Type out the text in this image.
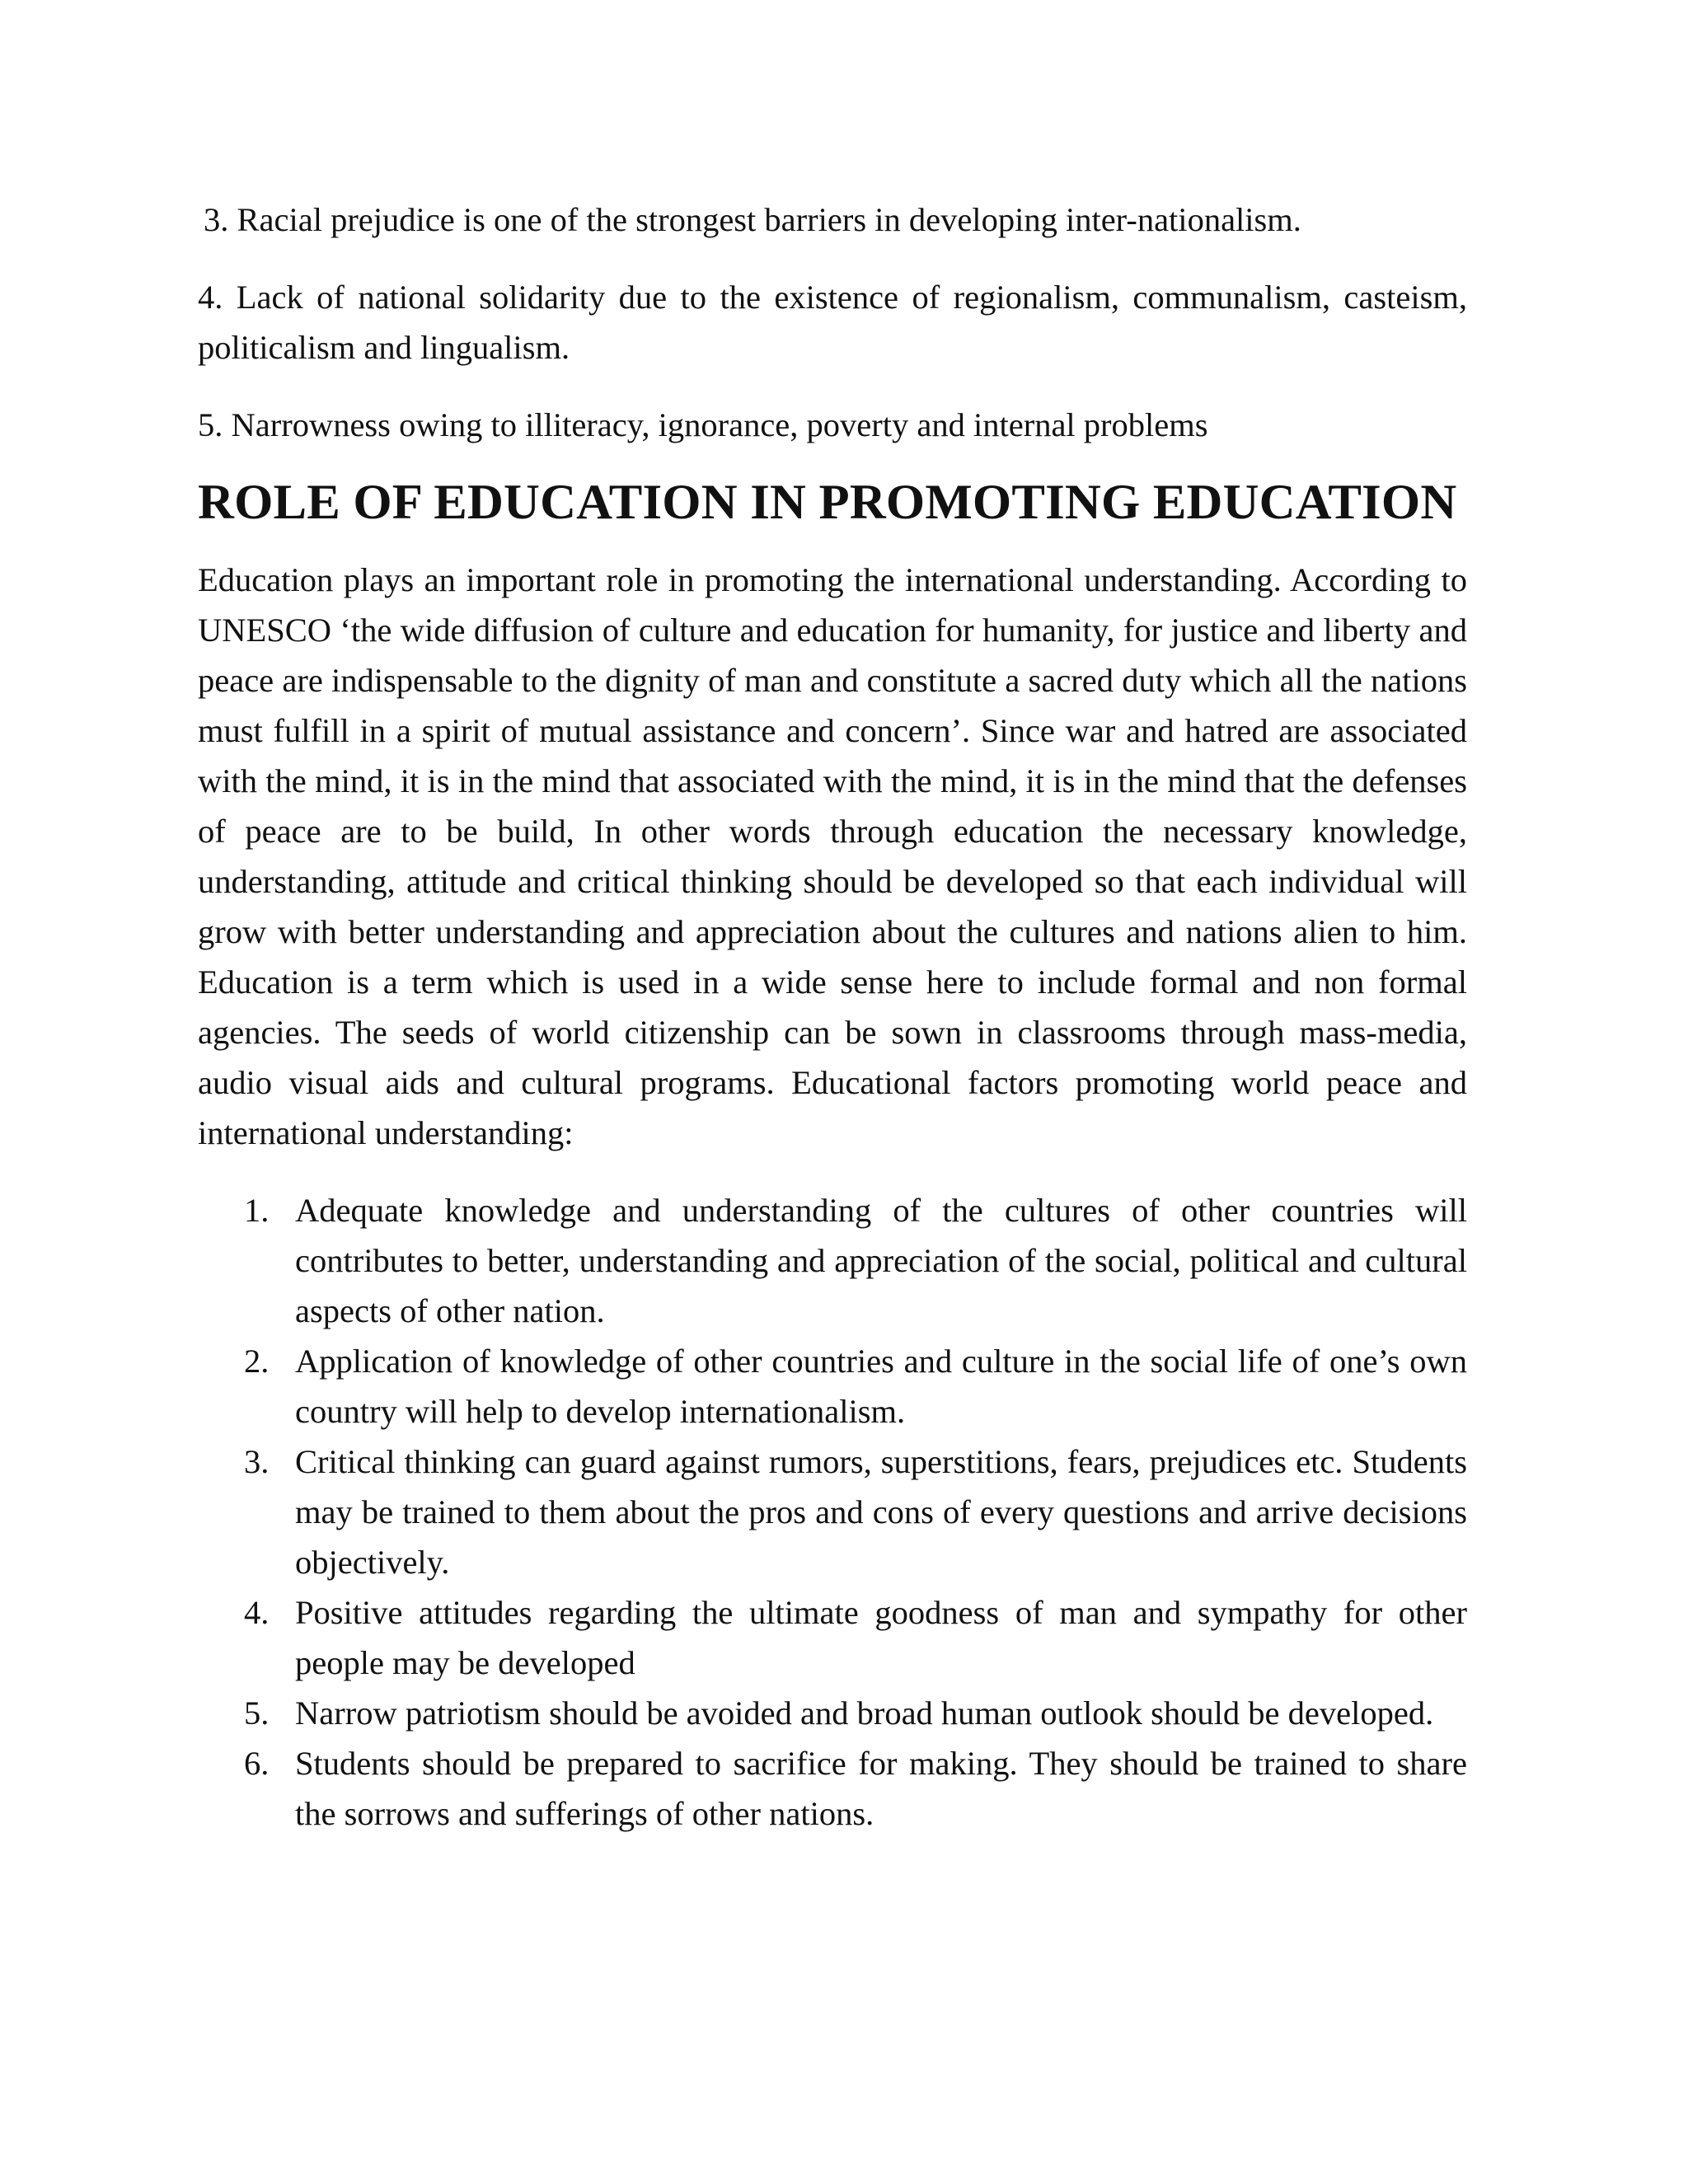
3. Racial prejudice is one of the strongest barriers in developing inter-nationalism.

4. Lack of national solidarity due to the existence of regionalism, communalism, casteism, politicalism and lingualism.

5. Narrowness owing to illiteracy, ignorance, poverty and internal problems

ROLE OF EDUCATION IN PROMOTING EDUCATION

Education plays an important role in promoting the international understanding. According to UNESCO ‘the wide diffusion of culture and education for humanity, for justice and liberty and peace are indispensable to the dignity of man and constitute a sacred duty which all the nations must fulfill in a spirit of mutual assistance and concern’. Since war and hatred are associated with the mind, it is in the mind that associated with the mind, it is in the mind that the defenses of peace are to be build, In other words through education the necessary knowledge, understanding, attitude and critical thinking should be developed so that each individual will grow with better understanding and appreciation about the cultures and nations alien to him. Education is a term which is used in a wide sense here to include formal and non formal agencies. The seeds of world citizenship can be sown in classrooms through mass-media, audio visual aids and cultural programs. Educational factors promoting world peace and international understanding:

1. Adequate knowledge and understanding of the cultures of other countries will contributes to better, understanding and appreciation of the social, political and cultural aspects of other nation.
2. Application of knowledge of other countries and culture in the social life of one’s own country will help to develop internationalism.
3. Critical thinking can guard against rumors, superstitions, fears, prejudices etc. Students may be trained to them about the pros and cons of every questions and arrive decisions objectively.
4. Positive attitudes regarding the ultimate goodness of man and sympathy for other people may be developed
5. Narrow patriotism should be avoided and broad human outlook should be developed.
6. Students should be prepared to sacrifice for making. They should be trained to share the sorrows and sufferings of other nations.
